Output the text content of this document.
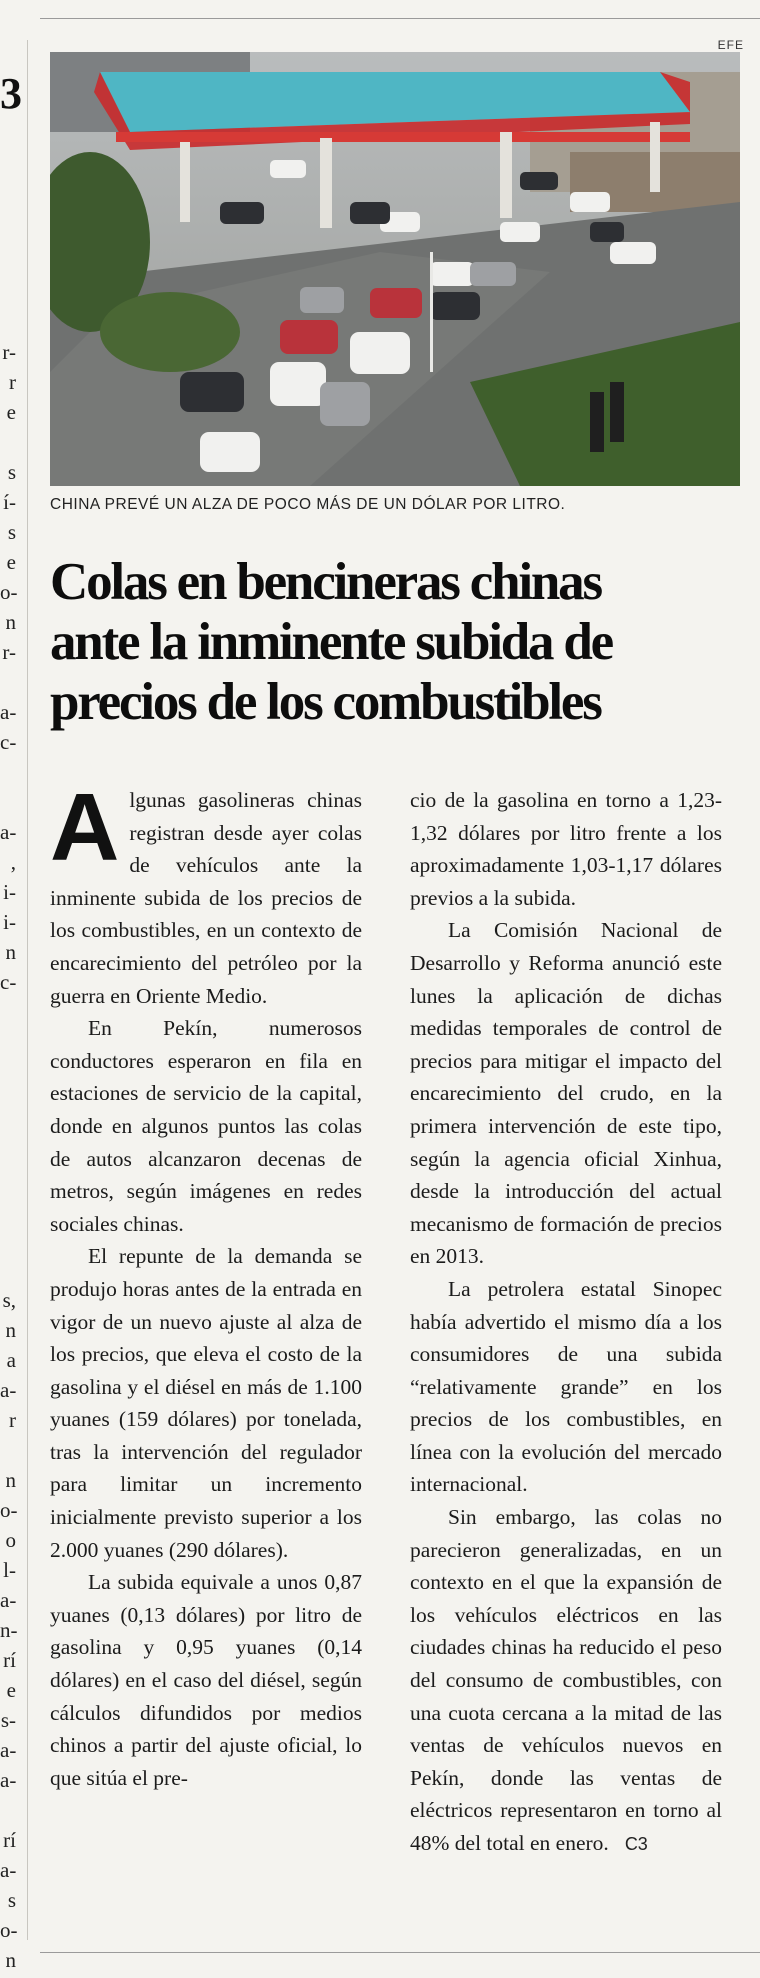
3
r-
r
e
s
í-
s
e
o-
n
r-
a-
c-
a-
,
i-
i-
n
c-
s,
n
a
a-
r
n
o-
o
l-
a-
n-
rí
e
s-
a-
a-
rí
a-
s
o-
n
EFE
CHINA PREVÉ UN ALZA DE POCO MÁS DE UN DÓLAR POR LITRO.
Colas en bencineras chinas
ante la inminente subida de
precios de los combustibles

Algunas gasolineras chinas registran desde ayer colas de vehículos ante la inminente subida de los precios de los combustibles, en un contexto de encarecimiento del petróleo por la guerra en Oriente Medio.

En Pekín, numerosos conductores esperaron en fila en estaciones de servicio de la capital, donde en algunos puntos las colas de autos alcanzaron decenas de metros, según imágenes en redes sociales chinas.

El repunte de la demanda se produjo horas antes de la entrada en vigor de un nuevo ajuste al alza de los precios, que eleva el costo de la gasolina y el diésel en más de 1.100 yuanes (159 dólares) por tonelada, tras la intervención del regulador para limitar un incremento inicialmente previsto superior a los 2.000 yuanes (290 dólares).

La subida equivale a unos 0,87 yuanes (0,13 dólares) por litro de gasolina y 0,95 yuanes (0,14 dólares) en el caso del diésel, según cálculos difundidos por medios chinos a partir del ajuste oficial, lo que sitúa el pre-

cio de la gasolina en torno a 1,23-1,32 dólares por litro frente a los aproximadamente 1,03-1,17 dólares previos a la subida.

La Comisión Nacional de Desarrollo y Reforma anunció este lunes la aplicación de dichas medidas temporales de control de precios para mitigar el impacto del encarecimiento del crudo, en la primera intervención de este tipo, según la agencia oficial Xinhua, desde la introducción del actual mecanismo de formación de precios en 2013.

La petrolera estatal Sinopec había advertido el mismo día a los consumidores de una subida “relativamente grande” en los precios de los combustibles, en línea con la evolución del mercado internacional.

Sin embargo, las colas no parecieron generalizadas, en un contexto en el que la expansión de los vehículos eléctricos en las ciudades chinas ha reducido el peso del consumo de combustibles, con una cuota cercana a la mitad de las ventas de vehículos nuevos en Pekín, donde las ventas de eléctricos representaron en torno al 48% del total en enero. C3
